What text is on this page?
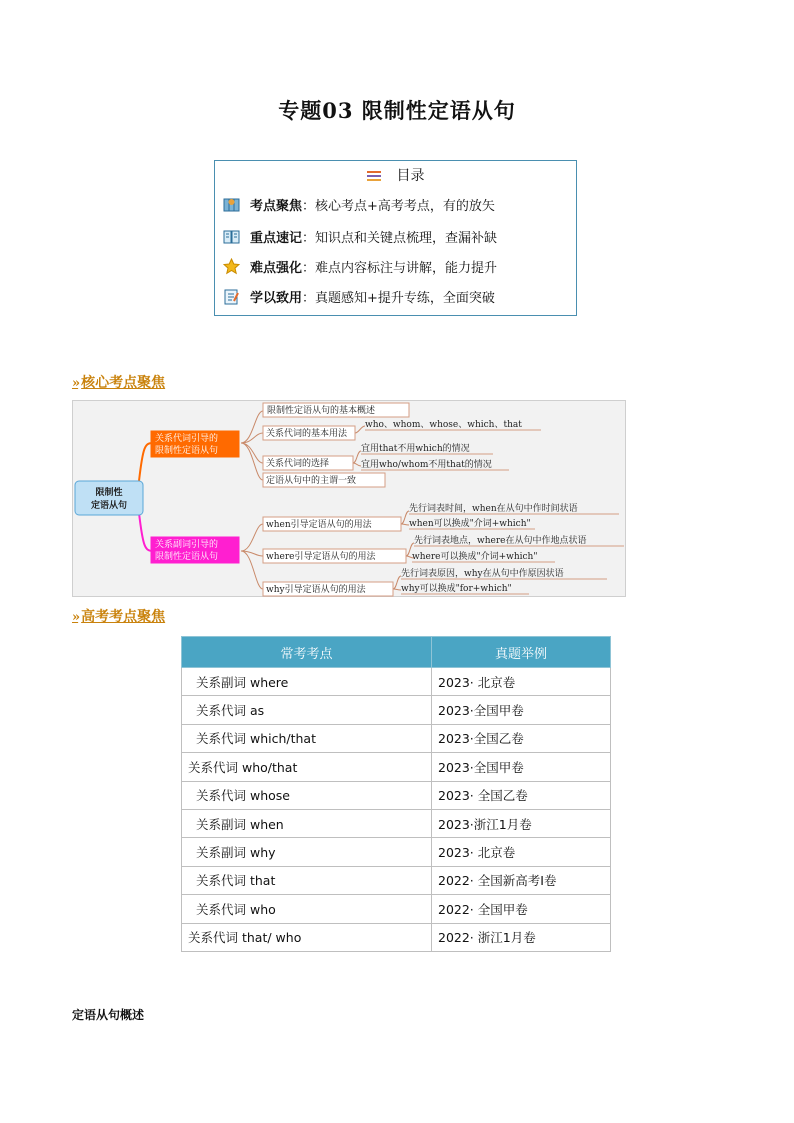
专题03 限制性定语从句
目录
考点聚焦 ：核心考点+高考考点，有的放矢
重点速记 ：知识点和关键点梳理，查漏补缺
难点强化 ：难点内容标注与讲解，能力提升
学以致用 ：真题感知+提升专练，全面突破
» 核心考点聚焦
限制性
定语从句
关系代词引导的
限制性定语从句
关系副词引导的
限制性定语从句
限制性定语从句的基本概述
关系代词的基本用法
who、whom、whose、which、that
关系代词的选择
宜用that不用which的情况
宜用who/whom不用that的情况
定语从句中的主谓一致
when引导定语从句的用法
先行词表时间，when在从句中作时间状语
when可以换成"介词+which"
where引导定语从句的用法
先行词表地点，where在从句中作地点状语
where可以换成"介词+which"
why引导定语从句的用法
先行词表原因，why在从句中作原因状语
why可以换成"for+which"
» 高考考点聚焦
常考考点	真题举例
关系副词 where	2023· 北京卷
关系代词 as	2023·全国甲卷
关系代词 which/that	2023·全国乙卷
关系代词 who/that	2023·全国甲卷
关系代词 whose	2023· 全国乙卷
关系副词 when	2023·浙江1月卷
关系副词 why	2023· 北京卷
关系代词 that	2022· 全国新高考I卷
关系代词 who	2022· 全国甲卷
关系代词 that/ who	2022· 浙江1月卷
定语从句概述
